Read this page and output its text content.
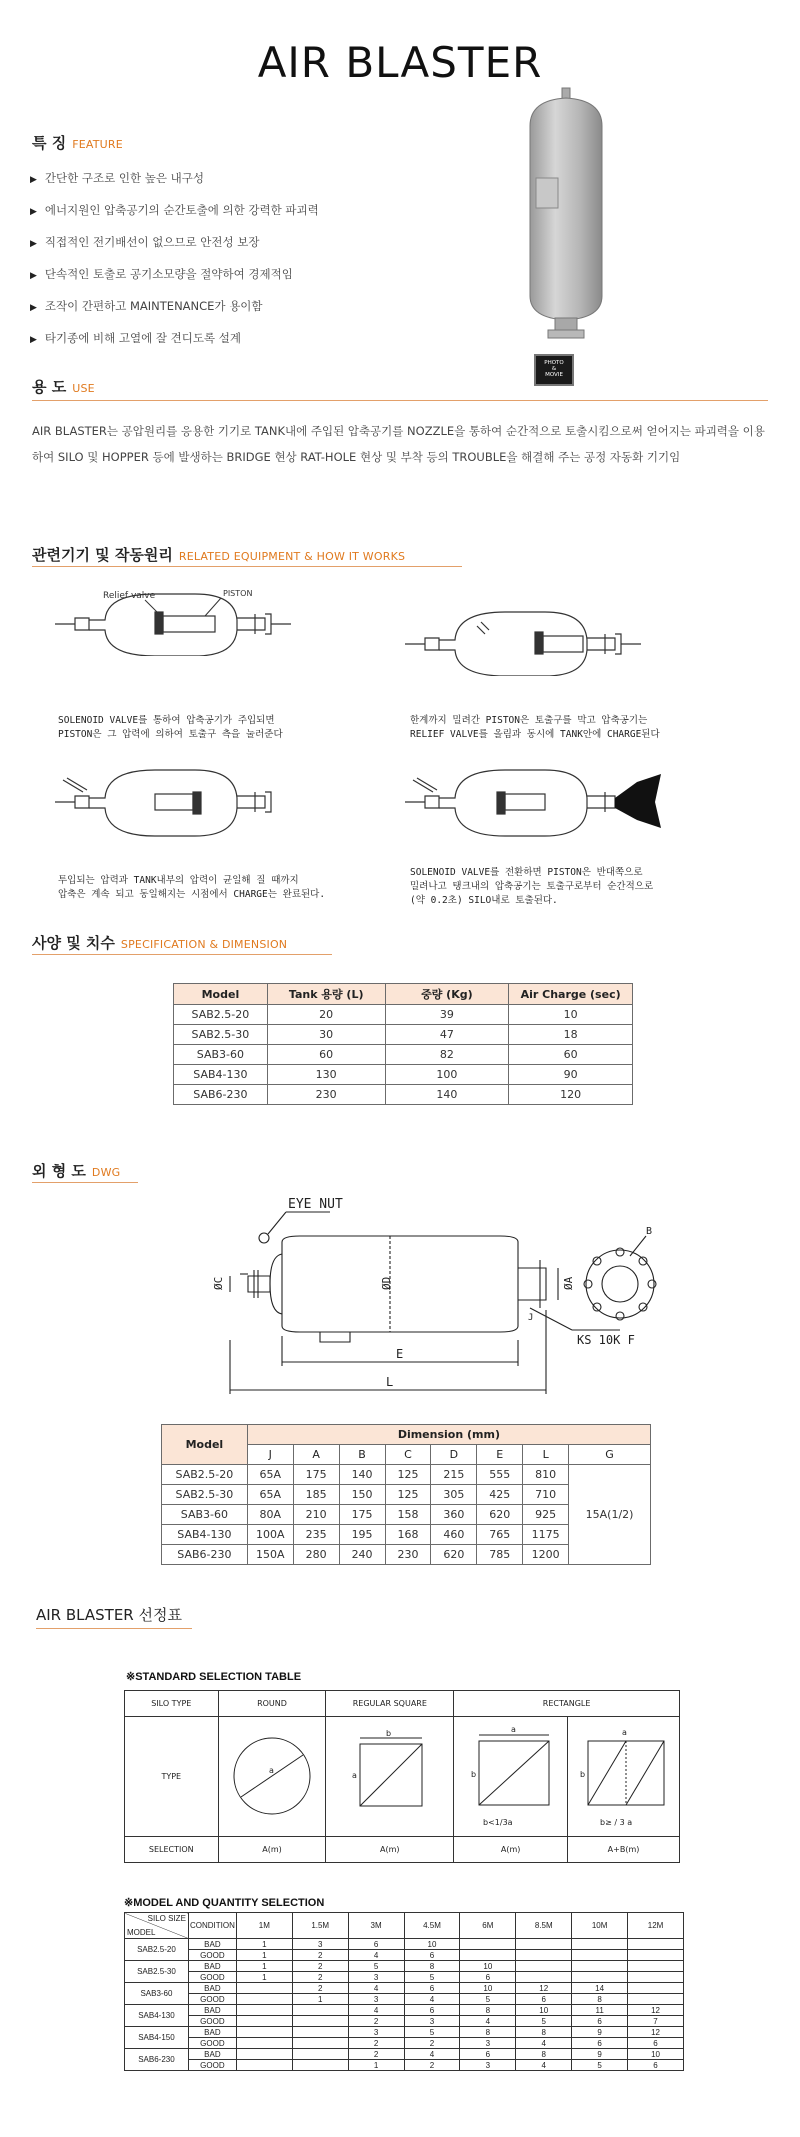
AIR BLASTER
특 징 FEATURE
▶ 간단한 구조로 인한 높은 내구성
▶ 에너지원인 압축공기의 순간토출에 의한 강력한 파괴력
▶ 직접적인 전기배선이 없으므로 안전성 보장
▶ 단속적인 토출로 공기소모량을 절약하여 경제적임
▶ 조작이 간편하고 MAINTENANCE가 용이함
▶ 타기종에 비해 고열에 잘 견디도록 설계
PHOTO
&
MOVIE
용 도 USE
AIR BLASTER는 공압원리를 응용한 기기로 TANK내에 주입된 압축공기를 NOZZLE을 통하여 순간적으로 토출시킴으로써 얻어지는 파괴력을 이용하여 SILO 및 HOPPER 등에 발생하는 BRIDGE 현상 RAT-HOLE 현상 및 부착 등의 TROUBLE을 해결해 주는 공정 자동화 기기임
관련기기 및 작동원리 RELATED EQUIPMENT & HOW IT WORKS
Relief valve	PISTON
SOLENOID VALVE를 통하여 압축공기가 주입되면
PISTON은 그 압력에 의하여 토출구 측을 눌러준다
한계까지 밀려간 PISTON은 토출구를 막고 압축공기는
RELIEF VALVE를 올림과 동시에 TANK안에 CHARGE된다
투입되는 압력과 TANK내부의 압력이 균일해 질 때까지
압축은 계속 되고 동일해지는 시점에서 CHARGE는 완료된다.
SOLENOID VALVE를 전환하면 PISTON은 반대쪽으로
밀려나고 탱크내의 압축공기는 토출구로부터 순간적으로
(약 0.2초) SILO내로 토출된다.
사양 및 치수 SPECIFICATION & DIMENSION
Model	Tank 용량 (L)	중량 (Kg)	Air Charge (sec)
SAB2.5-20	20	39	10
SAB2.5-30	30	47	18
SAB3-60	60	82	60
SAB4-130	130	100	90
SAB6-230	230	140	120
외 형 도 DWG
EYE NUT
ØC	ØD	ØA
E
L
KS 10K F
B
J
Model	Dimension (mm)							
	J	A	B	C	D	E	L	G
SAB2.5-20	65A	175	140	125	215	555	810	15A(1/2)
SAB2.5-30	65A	185	150	125	305	425	710	
SAB3-60	80A	210	175	158	360	620	925	
SAB4-130	100A	235	195	168	460	765	1175	
SAB6-230	150A	280	240	230	620	785	1200	
AIR BLASTER 선정표
※STANDARD SELECTION TABLE
SILO TYPE	ROUND	REGULAR SQUARE	RECTANGLE	
TYPE	a	b
a	a
b
b<1/3a	a
b
b≥ / 3 a

SELECTION	A(m)	A(m)	A(m)	A+B(m)
※MODEL AND QUANTITY SELECTION
SILO SIZE
MODEL	CONDITION	1M	1.5M	3M	4.5M	6M	8.5M	10M	12M
SAB2.5-20	BAD	1	3	6	10				
	GOOD	1	2	4	6				
SAB2.5-30	BAD	1	2	5	8	10			
	GOOD	1	2	3	5	6			
SAB3-60	BAD		2	4	6	10	12	14	
	GOOD		1	3	4	5	6	8	
SAB4-130	BAD			4	6	8	10	11	12
	GOOD			2	3	4	5	6	7
SAB4-150	BAD			3	5	8	8	9	12
	GOOD			2	2	3	4	6	6
SAB6-230	BAD			2	4	6	8	9	10
	GOOD			1	2	3	4	5	6
